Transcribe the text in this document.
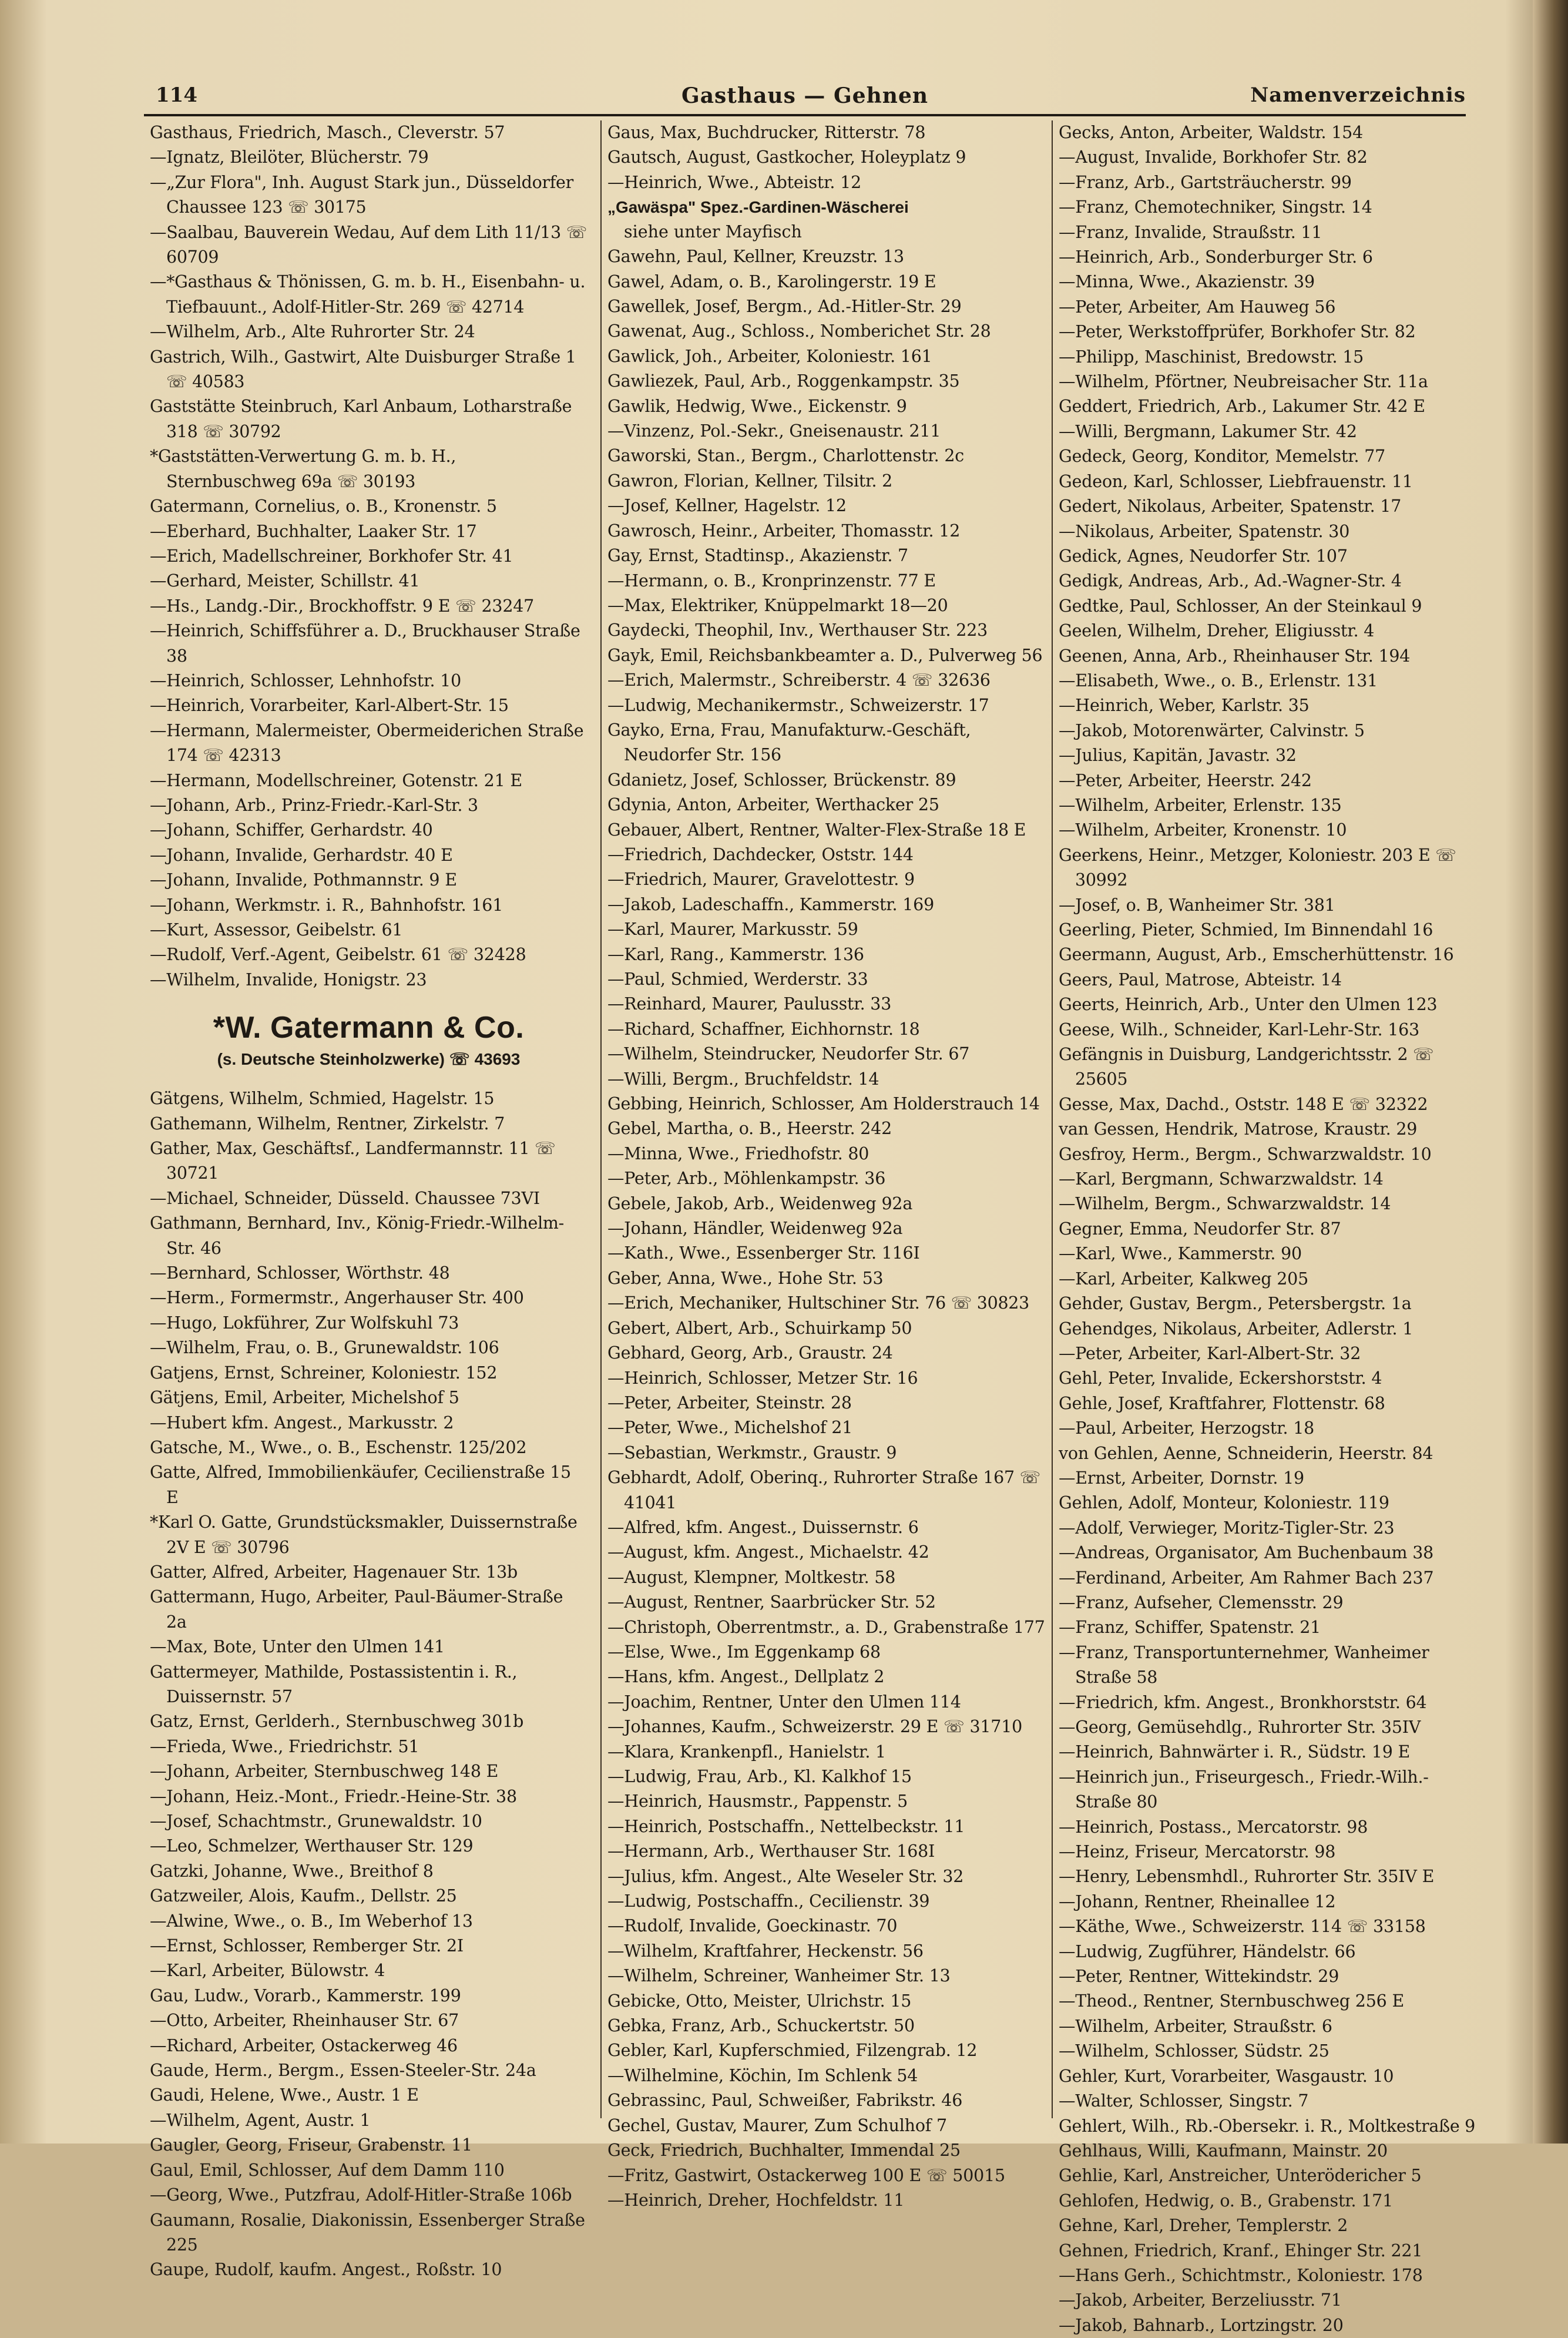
114	Gasthaus — Gehnen	Namenverzeichnis
Gasthaus, Friedrich, Masch., Cleverstr. 57
—Ignatz, Bleilöter, Blücherstr. 79
—„Zur Flora", Inh. August Stark jun., Düsseldorfer Chaussee 123 ☏ 30175
—Saalbau, Bauverein Wedau, Auf dem Lith 11/13 ☏ 60709
—*Gasthaus & Thönissen, G. m. b. H., Eisenbahn- u. Tiefbauunt., Adolf-Hitler-Str. 269 ☏ 42714
—Wilhelm, Arb., Alte Ruhrorter Str. 24
Gastrich, Wilh., Gastwirt, Alte Duisburger Straße 1 ☏ 40583
Gaststätte Steinbruch, Karl Anbaum, Lotharstraße 318 ☏ 30792
*Gaststätten-Verwertung G. m. b. H., Sternbuschweg 69a ☏ 30193
Gatermann, Cornelius, o. B., Kronenstr. 5
—Eberhard, Buchhalter, Laaker Str. 17
—Erich, Madellschreiner, Borkhofer Str. 41
—Gerhard, Meister, Schillstr. 41
—Hs., Landg.-Dir., Brockhoffstr. 9 E ☏ 23247
—Heinrich, Schiffsführer a. D., Bruckhauser Straße 38
—Heinrich, Schlosser, Lehnhofstr. 10
—Heinrich, Vorarbeiter, Karl-Albert-Str. 15
—Hermann, Malermeister, Obermeiderichen Straße 174 ☏ 42313
—Hermann, Modellschreiner, Gotenstr. 21 E
—Johann, Arb., Prinz-Friedr.-Karl-Str. 3
—Johann, Schiffer, Gerhardstr. 40
—Johann, Invalide, Gerhardstr. 40 E
—Johann, Invalide, Pothmannstr. 9 E
—Johann, Werkmstr. i. R., Bahnhofstr. 161
—Kurt, Assessor, Geibelstr. 61
—Rudolf, Verf.-Agent, Geibelstr. 61 ☏ 32428
—Wilhelm, Invalide, Honigstr. 23
*W. Gatermann & Co.
(s. Deutsche Steinholzwerke) ☏ 43693
Gätgens, Wilhelm, Schmied, Hagelstr. 15
Gathemann, Wilhelm, Rentner, Zirkelstr. 7
Gather, Max, Geschäftsf., Landfermannstr. 11 ☏ 30721
—Michael, Schneider, Düsseld. Chaussee 73VI
Gathmann, Bernhard, Inv., König-Friedr.-Wilhelm-Str. 46
—Bernhard, Schlosser, Wörthstr. 48
—Herm., Formermstr., Angerhauser Str. 400
—Hugo, Lokführer, Zur Wolfskuhl 73
—Wilhelm, Frau, o. B., Grunewaldstr. 106
Gatjens, Ernst, Schreiner, Koloniestr. 152
Gätjens, Emil, Arbeiter, Michelshof 5
—Hubert kfm. Angest., Markusstr. 2
Gatsche, M., Wwe., o. B., Eschenstr. 125/202
Gatte, Alfred, Immobilienkäufer, Cecilienstraße 15 E
*Karl O. Gatte, Grundstücksmakler, Duissernstraße 2V E ☏ 30796
Gatter, Alfred, Arbeiter, Hagenauer Str. 13b
Gattermann, Hugo, Arbeiter, Paul-Bäumer-Straße 2a
—Max, Bote, Unter den Ulmen 141
Gattermeyer, Mathilde, Postassistentin i. R., Duissernstr. 57
Gatz, Ernst, Gerlderh., Sternbuschweg 301b
—Frieda, Wwe., Friedrichstr. 51
—Johann, Arbeiter, Sternbuschweg 148 E
—Johann, Heiz.-Mont., Friedr.-Heine-Str. 38
—Josef, Schachtmstr., Grunewaldstr. 10
—Leo, Schmelzer, Werthauser Str. 129
Gatzki, Johanne, Wwe., Breithof 8
Gatzweiler, Alois, Kaufm., Dellstr. 25
—Alwine, Wwe., o. B., Im Weberhof 13
—Ernst, Schlosser, Remberger Str. 2I
—Karl, Arbeiter, Bülowstr. 4
Gau, Ludw., Vorarb., Kammerstr. 199
—Otto, Arbeiter, Rheinhauser Str. 67
—Richard, Arbeiter, Ostackerweg 46
Gaude, Herm., Bergm., Essen-Steeler-Str. 24a
Gaudi, Helene, Wwe., Austr. 1 E
—Wilhelm, Agent, Austr. 1
Gaugler, Georg, Friseur, Grabenstr. 11
Gaul, Emil, Schlosser, Auf dem Damm 110
—Georg, Wwe., Putzfrau, Adolf-Hitler-Straße 106b
Gaumann, Rosalie, Diakonissin, Essenberger Straße 225
Gaupe, Rudolf, kaufm. Angest., Roßstr. 10
Gaus, Max, Buchdrucker, Ritterstr. 78
Gautsch, August, Gastkocher, Holeyplatz 9
—Heinrich, Wwe., Abteistr. 12
„Gawäspa" Spez.-Gardinen-Wäscherei
siehe unter Mayfisch
Gawehn, Paul, Kellner, Kreuzstr. 13
Gawel, Adam, o. B., Karolingerstr. 19 E
Gawellek, Josef, Bergm., Ad.-Hitler-Str. 29
Gawenat, Aug., Schloss., Nomberichet Str. 28
Gawlick, Joh., Arbeiter, Koloniestr. 161
Gawliezek, Paul, Arb., Roggenkampstr. 35
Gawlik, Hedwig, Wwe., Eickenstr. 9
—Vinzenz, Pol.-Sekr., Gneisenaustr. 211
Gaworski, Stan., Bergm., Charlottenstr. 2c
Gawron, Florian, Kellner, Tilsitr. 2
—Josef, Kellner, Hagelstr. 12
Gawrosch, Heinr., Arbeiter, Thomasstr. 12
Gay, Ernst, Stadtinsp., Akazienstr. 7
—Hermann, o. B., Kronprinzenstr. 77 E
—Max, Elektriker, Knüppelmarkt 18—20
Gaydecki, Theophil, Inv., Werthauser Str. 223
Gayk, Emil, Reichsbankbeamter a. D., Pulverweg 56
—Erich, Malermstr., Schreiberstr. 4 ☏ 32636
—Ludwig, Mechanikermstr., Schweizerstr. 17
Gayko, Erna, Frau, Manufakturw.-Geschäft, Neudorfer Str. 156
Gdanietz, Josef, Schlosser, Brückenstr. 89
Gdynia, Anton, Arbeiter, Werthacker 25
Gebauer, Albert, Rentner, Walter-Flex-Straße 18 E
—Friedrich, Dachdecker, Oststr. 144
—Friedrich, Maurer, Gravelottestr. 9
—Jakob, Ladeschaffn., Kammerstr. 169
—Karl, Maurer, Markusstr. 59
—Karl, Rang., Kammerstr. 136
—Paul, Schmied, Werderstr. 33
—Reinhard, Maurer, Paulusstr. 33
—Richard, Schaffner, Eichhornstr. 18
—Wilhelm, Steindrucker, Neudorfer Str. 67
—Willi, Bergm., Bruchfeldstr. 14
Gebbing, Heinrich, Schlosser, Am Holderstrauch 14
Gebel, Martha, o. B., Heerstr. 242
—Minna, Wwe., Friedhofstr. 80
—Peter, Arb., Möhlenkampstr. 36
Gebele, Jakob, Arb., Weidenweg 92a
—Johann, Händler, Weidenweg 92a
—Kath., Wwe., Essenberger Str. 116I
Geber, Anna, Wwe., Hohe Str. 53
—Erich, Mechaniker, Hultschiner Str. 76 ☏ 30823
Gebert, Albert, Arb., Schuirkamp 50
Gebhard, Georg, Arb., Graustr. 24
—Heinrich, Schlosser, Metzer Str. 16
—Peter, Arbeiter, Steinstr. 28
—Peter, Wwe., Michelshof 21
—Sebastian, Werkmstr., Graustr. 9
Gebhardt, Adolf, Oberinq., Ruhrorter Straße 167 ☏ 41041
—Alfred, kfm. Angest., Duissernstr. 6
—August, kfm. Angest., Michaelstr. 42
—August, Klempner, Moltkestr. 58
—August, Rentner, Saarbrücker Str. 52
—Christoph, Oberrentmstr., a. D., Grabenstraße 177
—Else, Wwe., Im Eggenkamp 68
—Hans, kfm. Angest., Dellplatz 2
—Joachim, Rentner, Unter den Ulmen 114
—Johannes, Kaufm., Schweizerstr. 29 E ☏ 31710
—Klara, Krankenpfl., Hanielstr. 1
—Ludwig, Frau, Arb., Kl. Kalkhof 15
—Heinrich, Hausmstr., Pappenstr. 5
—Heinrich, Postschaffn., Nettelbeckstr. 11
—Hermann, Arb., Werthauser Str. 168I
—Julius, kfm. Angest., Alte Weseler Str. 32
—Ludwig, Postschaffn., Cecilienstr. 39
—Rudolf, Invalide, Goeckinastr. 70
—Wilhelm, Kraftfahrer, Heckenstr. 56
—Wilhelm, Schreiner, Wanheimer Str. 13
Gebicke, Otto, Meister, Ulrichstr. 15
Gebka, Franz, Arb., Schuckertstr. 50
Gebler, Karl, Kupferschmied, Filzengrab. 12
—Wilhelmine, Köchin, Im Schlenk 54
Gebrassinc, Paul, Schweißer, Fabrikstr. 46
Gechel, Gustav, Maurer, Zum Schulhof 7
Geck, Friedrich, Buchhalter, Immendal 25
—Fritz, Gastwirt, Ostackerweg 100 E ☏ 50015
—Heinrich, Dreher, Hochfeldstr. 11
Gecks, Anton, Arbeiter, Waldstr. 154
—August, Invalide, Borkhofer Str. 82
—Franz, Arb., Gartsträucherstr. 99
—Franz, Chemotechniker, Singstr. 14
—Franz, Invalide, Straußstr. 11
—Heinrich, Arb., Sonderburger Str. 6
—Minna, Wwe., Akazienstr. 39
—Peter, Arbeiter, Am Hauweg 56
—Peter, Werkstoffprüfer, Borkhofer Str. 82
—Philipp, Maschinist, Bredowstr. 15
—Wilhelm, Pförtner, Neubreisacher Str. 11a
Geddert, Friedrich, Arb., Lakumer Str. 42 E
—Willi, Bergmann, Lakumer Str. 42
Gedeck, Georg, Konditor, Memelstr. 77
Gedeon, Karl, Schlosser, Liebfrauenstr. 11
Gedert, Nikolaus, Arbeiter, Spatenstr. 17
—Nikolaus, Arbeiter, Spatenstr. 30
Gedick, Agnes, Neudorfer Str. 107
Gedigk, Andreas, Arb., Ad.-Wagner-Str. 4
Gedtke, Paul, Schlosser, An der Steinkaul 9
Geelen, Wilhelm, Dreher, Eligiusstr. 4
Geenen, Anna, Arb., Rheinhauser Str. 194
—Elisabeth, Wwe., o. B., Erlenstr. 131
—Heinrich, Weber, Karlstr. 35
—Jakob, Motorenwärter, Calvinstr. 5
—Julius, Kapitän, Javastr. 32
—Peter, Arbeiter, Heerstr. 242
—Wilhelm, Arbeiter, Erlenstr. 135
—Wilhelm, Arbeiter, Kronenstr. 10
Geerkens, Heinr., Metzger, Koloniestr. 203 E ☏ 30992
—Josef, o. B, Wanheimer Str. 381
Geerling, Pieter, Schmied, Im Binnendahl 16
Geermann, August, Arb., Emscherhüttenstr. 16
Geers, Paul, Matrose, Abteistr. 14
Geerts, Heinrich, Arb., Unter den Ulmen 123
Geese, Wilh., Schneider, Karl-Lehr-Str. 163
Gefängnis in Duisburg, Landgerichtsstr. 2 ☏ 25605
Gesse, Max, Dachd., Oststr. 148 E ☏ 32322
van Gessen, Hendrik, Matrose, Kraustr. 29
Gesfroy, Herm., Bergm., Schwarzwaldstr. 10
—Karl, Bergmann, Schwarzwaldstr. 14
—Wilhelm, Bergm., Schwarzwaldstr. 14
Gegner, Emma, Neudorfer Str. 87
—Karl, Wwe., Kammerstr. 90
—Karl, Arbeiter, Kalkweg 205
Gehder, Gustav, Bergm., Petersbergstr. 1a
Gehendges, Nikolaus, Arbeiter, Adlerstr. 1
—Peter, Arbeiter, Karl-Albert-Str. 32
Gehl, Peter, Invalide, Eckershorststr. 4
Gehle, Josef, Kraftfahrer, Flottenstr. 68
—Paul, Arbeiter, Herzogstr. 18
von Gehlen, Aenne, Schneiderin, Heerstr. 84
—Ernst, Arbeiter, Dornstr. 19
Gehlen, Adolf, Monteur, Koloniestr. 119
—Adolf, Verwieger, Moritz-Tigler-Str. 23
—Andreas, Organisator, Am Buchenbaum 38
—Ferdinand, Arbeiter, Am Rahmer Bach 237
—Franz, Aufseher, Clemensstr. 29
—Franz, Schiffer, Spatenstr. 21
—Franz, Transportunternehmer, Wanheimer Straße 58
—Friedrich, kfm. Angest., Bronkhorststr. 64
—Georg, Gemüsehdlg., Ruhrorter Str. 35IV
—Heinrich, Bahnwärter i. R., Südstr. 19 E
—Heinrich jun., Friseurgesch., Friedr.-Wilh.-Straße 80
—Heinrich, Postass., Mercatorstr. 98
—Heinz, Friseur, Mercatorstr. 98
—Henry, Lebensmhdl., Ruhrorter Str. 35IV E
—Johann, Rentner, Rheinallee 12
—Käthe, Wwe., Schweizerstr. 114 ☏ 33158
—Ludwig, Zugführer, Händelstr. 66
—Peter, Rentner, Wittekindstr. 29
—Theod., Rentner, Sternbuschweg 256 E
—Wilhelm, Arbeiter, Straußstr. 6
—Wilhelm, Schlosser, Südstr. 25
Gehler, Kurt, Vorarbeiter, Wasgaustr. 10
—Walter, Schlosser, Singstr. 7
Gehlert, Wilh., Rb.-Obersekr. i. R., Moltkestraße 9
Gehlhaus, Willi, Kaufmann, Mainstr. 20
Gehlie, Karl, Anstreicher, Unterödericher 5
Gehlofen, Hedwig, o. B., Grabenstr. 171
Gehne, Karl, Dreher, Templerstr. 2
Gehnen, Friedrich, Kranf., Ehinger Str. 221
—Hans Gerh., Schichtmstr., Koloniestr. 178
—Jakob, Arbeiter, Berzeliusstr. 71
—Jakob, Bahnarb., Lortzingstr. 20
